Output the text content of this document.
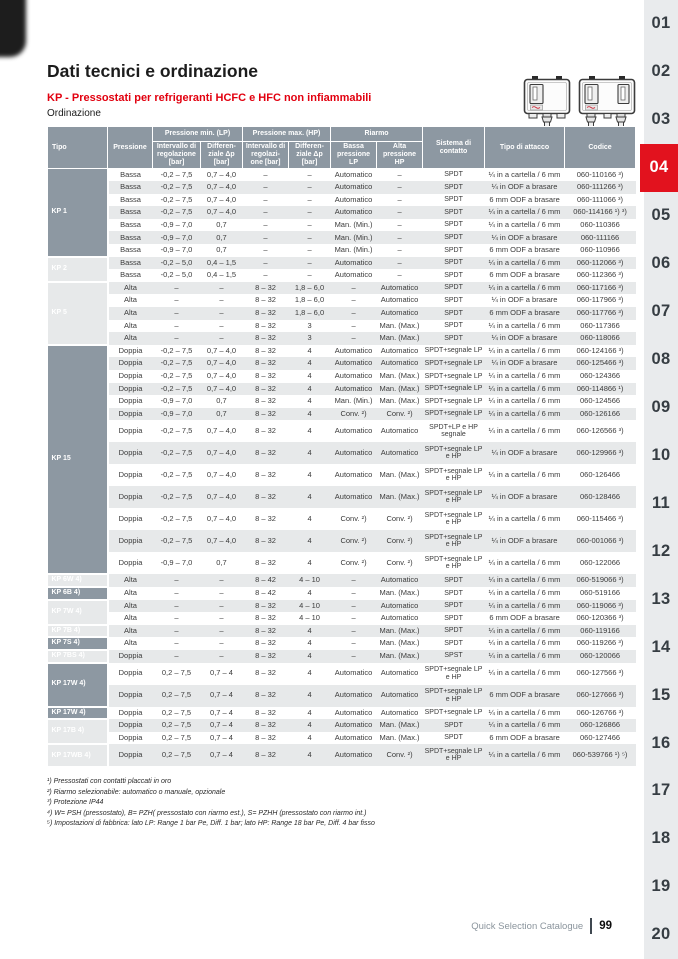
Dati tecnici e ordinazione
KP - Pressostati per refrigeranti HCFC e HFC non infiammabili
Ordinazione
Tipo	Pressione	Pressione min. (LP)		Pressione max. (HP)		Riarmo		Sistema di contatto	Tipo di attacco	Codice
		Intervallo di regolazione [bar]	Differen-ziale Δp [bar]	Intervallo di regolazi-one [bar]	Differen-ziale Δp [bar]	Bassa pressione LP	Alta pressione HP			
KP 1	Bassa	-0,2 – 7,5	0,7 – 4,0	–	–	Automatico	–	SPDT	¼ in a cartella / 6 mm	060-110166 ³)
	Bassa	-0,2 – 7,5	0,7 – 4,0	–	–	Automatico	–	SPDT	¼ in ODF a brasare	060-111266 ³)
	Bassa	-0,2 – 7,5	0,7 – 4,0	–	–	Automatico	–	SPDT	6 mm ODF a brasare	060-111066 ³)
	Bassa	-0,2 – 7,5	0,7 – 4,0	–	–	Automatico	–	SPDT	¼ in a cartella / 6 mm	060-114166 ¹) ³)
	Bassa	-0,9 – 7,0	0,7	–	–	Man. (Min.)	–	SPDT	¼ in a cartella / 6 mm	060-110366
	Bassa	-0,9 – 7,0	0,7	–	–	Man. (Min.)	–	SPDT	¼ in ODF a brasare	060-111166
	Bassa	-0,9 – 7,0	0,7	–	–	Man. (Min.)	–	SPDT	6 mm ODF a brasare	060-110966
KP 2	Bassa	-0,2 – 5,0	0,4 – 1,5	–	–	Automatico	–	SPDT	¼ in a cartella / 6 mm	060-112066 ³)
	Bassa	-0,2 – 5,0	0,4 – 1,5	–	–	Automatico	–	SPDT	6 mm ODF a brasare	060-112366 ³)
KP 5	Alta	–	–	8 – 32	1,8 – 6,0	–	Automatico	SPDT	¼ in a cartella / 6 mm	060-117166 ³)
	Alta	–	–	8 – 32	1,8 – 6,0	–	Automatico	SPDT	¼ in ODF a brasare	060-117966 ³)
	Alta	–	–	8 – 32	1,8 – 6,0	–	Automatico	SPDT	6 mm ODF a brasare	060-117766 ³)
	Alta	–	–	8 – 32	3	–	Man. (Max.)	SPDT	¼ in a cartella / 6 mm	060-117366
	Alta	–	–	8 – 32	3	–	Man. (Max.)	SPDT	¼ in ODF a brasare	060-118066
KP 15	Doppia	-0,2 – 7,5	0,7 – 4,0	8 – 32	4	Automatico	Automatico	SPDT+segnale LP	¼ in a cartella / 6 mm	060-124166 ³)
	Doppia	-0,2 – 7,5	0,7 – 4,0	8 – 32	4	Automatico	Automatico	SPDT+segnale LP	¼ in ODF a brasare	060-125466 ³)
	Doppia	-0,2 – 7,5	0,7 – 4,0	8 – 32	4	Automatico	Man. (Max.)	SPDT+segnale LP	¼ in a cartella / 6 mm	060-124366
	Doppia	-0,2 – 7,5	0,7 – 4,0	8 – 32	4	Automatico	Man. (Max.)	SPDT+segnale LP	¼ in a cartella / 6 mm	060-114866 ¹)
	Doppia	-0,9 – 7,0	0,7	8 – 32	4	Man. (Min.)	Man. (Max.)	SPDT+segnale LP	¼ in a cartella / 6 mm	060-124566
	Doppia	-0,9 – 7,0	0,7	8 – 32	4	Conv. ²)	Conv. ²)	SPDT+segnale LP	¼ in a cartella / 6 mm	060-126166
	Doppia	-0,2 – 7,5	0,7 – 4,0	8 – 32	4	Automatico	Automatico	SPDT+LP e HP segnale	¼ in a cartella / 6 mm	060-126566 ³)
	Doppia	-0,2 – 7,5	0,7 – 4,0	8 – 32	4	Automatico	Automatico	SPDT+segnale LP e HP	¼ in ODF a brasare	060-129966 ³)
	Doppia	-0,2 – 7,5	0,7 – 4,0	8 – 32	4	Automatico	Man. (Max.)	SPDT+segnale LP e HP	¼ in a cartella / 6 mm	060-126466
	Doppia	-0,2 – 7,5	0,7 – 4,0	8 – 32	4	Automatico	Man. (Max.)	SPDT+segnale LP e HP	¼ in ODF a brasare	060-128466
	Doppia	-0,2 – 7,5	0,7 – 4,0	8 – 32	4	Conv. ²)	Conv. ²)	SPDT+segnale LP e HP	¼ in a cartella / 6 mm	060-115466 ³)
	Doppia	-0,2 – 7,5	0,7 – 4,0	8 – 32	4	Conv. ²)	Conv. ²)	SPDT+segnale LP e HP	¼ in ODF a brasare	060-001066 ³)
	Doppia	-0,9 – 7,0	0,7	8 – 32	4	Conv. ²)	Conv. ²)	SPDT+segnale LP e HP	¼ in a cartella / 6 mm	060-122066
KP 6W 4)	Alta	–	–	8 – 42	4 – 10	–	Automatico	SPDT	¼ in a cartella / 6 mm	060-519066 ³)
KP 6B 4)	Alta	–	–	8 – 42	4	–	Man. (Max.)	SPDT	¼ in a cartella / 6 mm	060-519166
KP 7W 4)	Alta	–	–	8 – 32	4 – 10	–	Automatico	SPDT	¼ in a cartella / 6 mm	060-119066 ³)
	Alta	–	–	8 – 32	4 – 10	–	Automatico	SPDT	6 mm ODF a brasare	060-120366 ³)
KP 7B 4)	Alta	–	–	8 – 32	4	–	Man. (Max.)	SPDT	¼ in a cartella / 6 mm	060-119166
KP 7S 4)	Alta	–	–	8 – 32	4	–	Man. (Max.)	SPDT	¼ in a cartella / 6 mm	060-119266 ³)
KP 7BS 4)	Doppia	–	–	8 – 32	4	–	Man. (Max.)	SPST	¼ in a cartella / 6 mm	060-120066
KP 17W 4)	Doppia	0,2 – 7,5	0,7 – 4	8 – 32	4	Automatico	Automatico	SPDT+segnale LP e HP	¼ in a cartella / 6 mm	060-127566 ³)
	Doppia	0,2 – 7,5	0,7 – 4	8 – 32	4	Automatico	Automatico	SPDT+segnale LP e HP	6 mm ODF a brasare	060-127666 ³)
KP 17W 4)	Doppia	0,2 – 7,5	0,7 – 4	8 – 32	4	Automatico	Automatico	SPDT+segnale LP	¼ in a cartella / 6 mm	060-126766 ³)
KP 17B 4)	Doppia	0,2 – 7,5	0,7 – 4	8 – 32	4	Automatico	Man. (Max.)	SPDT	¼ in a cartella / 6 mm	060-126866
	Doppia	0,2 – 7,5	0,7 – 4	8 – 32	4	Automatico	Man. (Max.)	SPDT	6 mm ODF a brasare	060-127466
KP 17WB 4)	Doppia	0,2 – 7,5	0,7 – 4	8 – 32	4	Automatico	Conv. ²)	SPDT+segnale LP e HP	¼ in a cartella / 6 mm	060-539766 ¹) ⁵)
¹) Pressostati con contatti placcati in oro
²) Riarmo selezionabile: automatico o manuale, opzionale
³) Protezione IP44
⁴) W= PSH (pressostato), B= PZH( pressostato con riarmo est.), S= PZHH (pressostato con riarmo int.)
⁵) Impostazioni di fabbrica: lato LP: Range 1 bar Pe, Diff. 1 bar; lato HP: Range 18 bar Pe, Diff. 4 bar fisso
Quick Selection Catalogue 99
01
02
03
04
05
06
07
08
09
10
11
12
13
14
15
16
17
18
19
20
